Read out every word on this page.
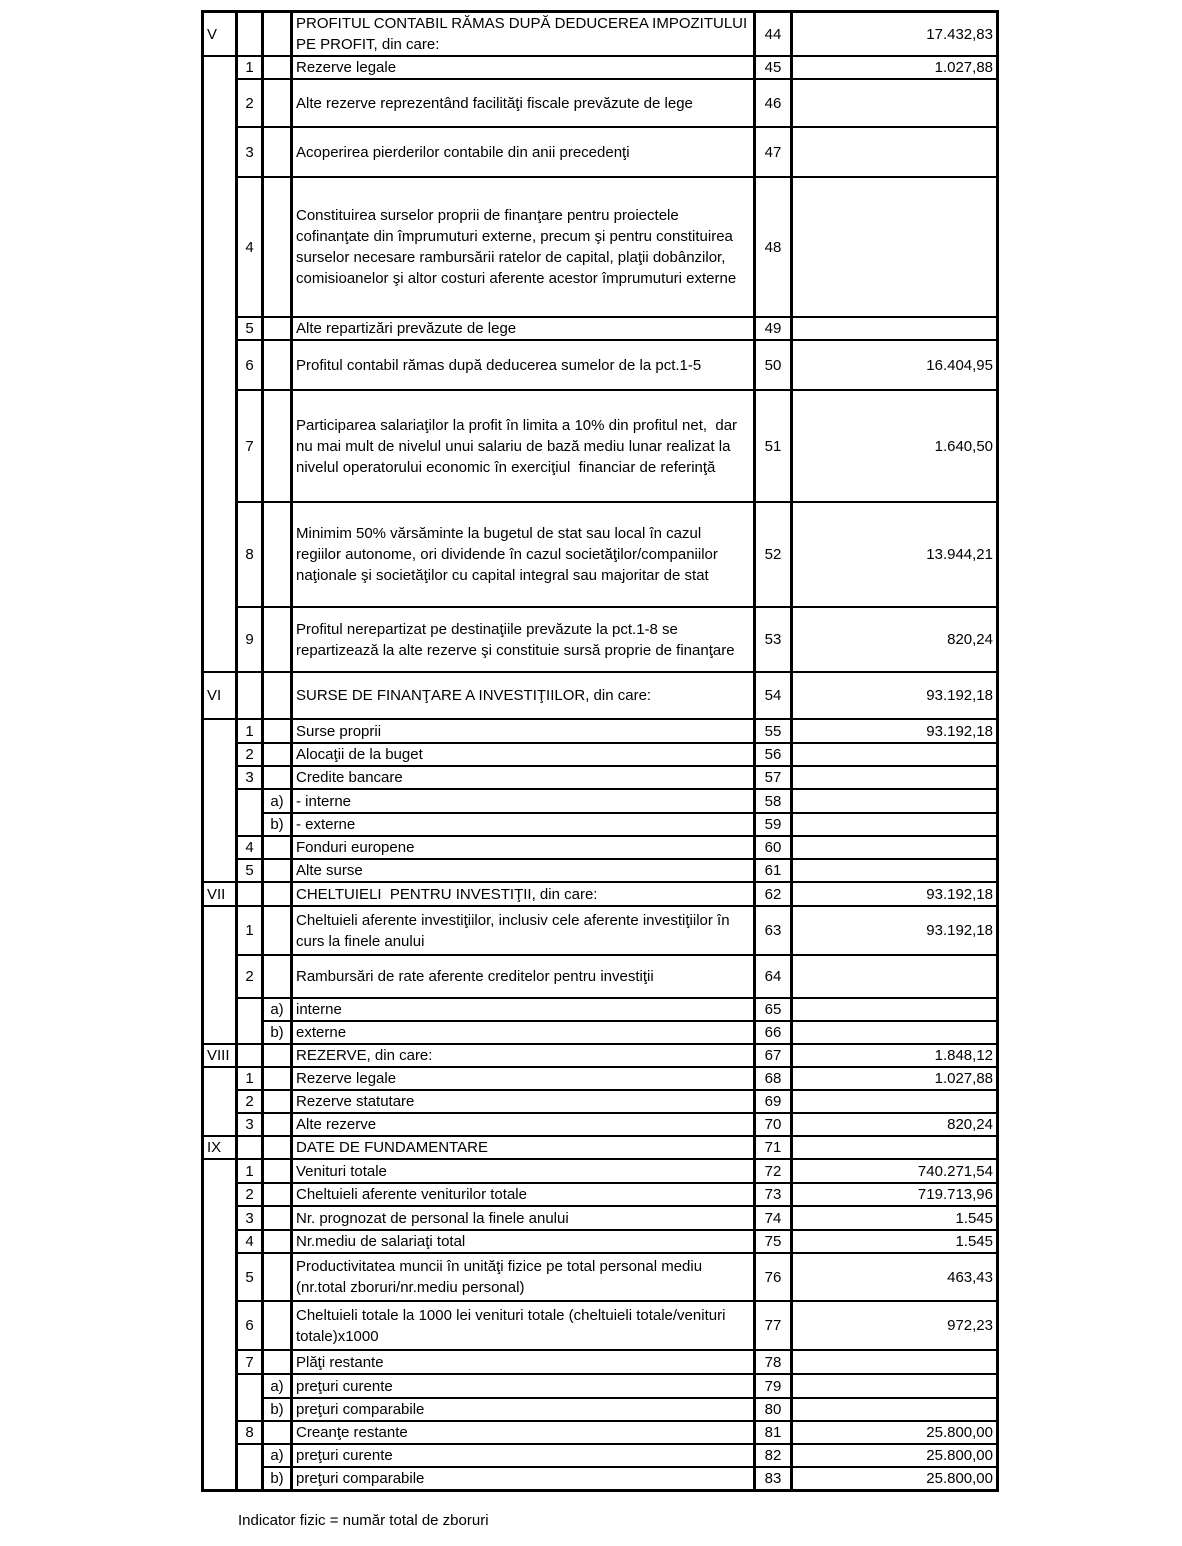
V			PROFITUL CONTABIL RĂMAS DUPĂ DEDUCEREA IMPOZITULUI PE PROFIT, din care:	44	17.432,83
	1		Rezerve legale	45	1.027,88
	2		Alte rezerve reprezentând facilităţi fiscale prevăzute de lege	46	
	3		Acoperirea pierderilor contabile din anii precedenţi	47	
	4		Constituirea surselor proprii de finanţare pentru proiectele cofinanţate din împrumuturi externe, precum şi pentru constituirea surselor necesare rambursării ratelor de capital, plaţii dobânzilor, comisioanelor şi altor costuri aferente acestor împrumuturi externe	48	
	5		Alte repartizări prevăzute de lege	49	
	6		Profitul contabil rămas după deducerea sumelor de la pct.1-5	50	16.404,95
	7		Participarea salariaţilor la profit în limita a 10% din profitul net,  dar nu mai mult de nivelul unui salariu de bază mediu lunar realizat la nivelul operatorului economic în exerciţiul  financiar de referinţă	51	1.640,50
	8		Minimim 50% vărsăminte la bugetul de stat sau local în cazul regiilor autonome, ori dividende în cazul societăţilor/companiilor naţionale şi societăţilor cu capital integral sau majoritar de stat	52	13.944,21
	9		Profitul nerepartizat pe destinaţiile prevăzute la pct.1-8 se repartizează la alte rezerve şi constituie sursă proprie de finanţare	53	820,24
VI			SURSE DE FINANŢARE A INVESTIŢIILOR, din care:	54	93.192,18
	1		Surse proprii	55	93.192,18
	2		Alocaţii de la buget	56	
	3		Credite bancare	57	
		a)	- interne	58	
		b)	- externe	59	
	4		Fonduri europene	60	
	5		Alte surse	61	
VII			CHELTUIELI  PENTRU INVESTIŢII, din care:	62	93.192,18
	1		Cheltuieli aferente investiţiilor, inclusiv cele aferente investiţiilor în curs la finele anului	63	93.192,18
	2		Rambursări de rate aferente creditelor pentru investiţii	64	
		a)	interne	65	
		b)	externe	66	
VIII			REZERVE, din care:	67	1.848,12
	1		Rezerve legale	68	1.027,88
	2		Rezerve statutare	69	
	3		Alte rezerve	70	820,24
IX			DATE DE FUNDAMENTARE	71	
	1		Venituri totale	72	740.271,54
	2		Cheltuieli aferente veniturilor totale	73	719.713,96
	3		Nr. prognozat de personal la finele anului	74	1.545
	4		Nr.mediu de salariaţi total	75	1.545
	5		Productivitatea muncii în unităţi fizice pe total personal mediu (nr.total zboruri/nr.mediu personal)	76	463,43
	6		Cheltuieli totale la 1000 lei venituri totale (cheltuieli totale/venituri totale)x1000	77	972,23
	7		Plăţi restante	78	
		a)	preţuri curente	79	
		b)	preţuri comparabile	80	
	8		Creanţe restante	81	25.800,00
		a)	preţuri curente	82	25.800,00
		b)	preţuri comparabile	83	25.800,00
Indicator fizic = număr total de zboruri
